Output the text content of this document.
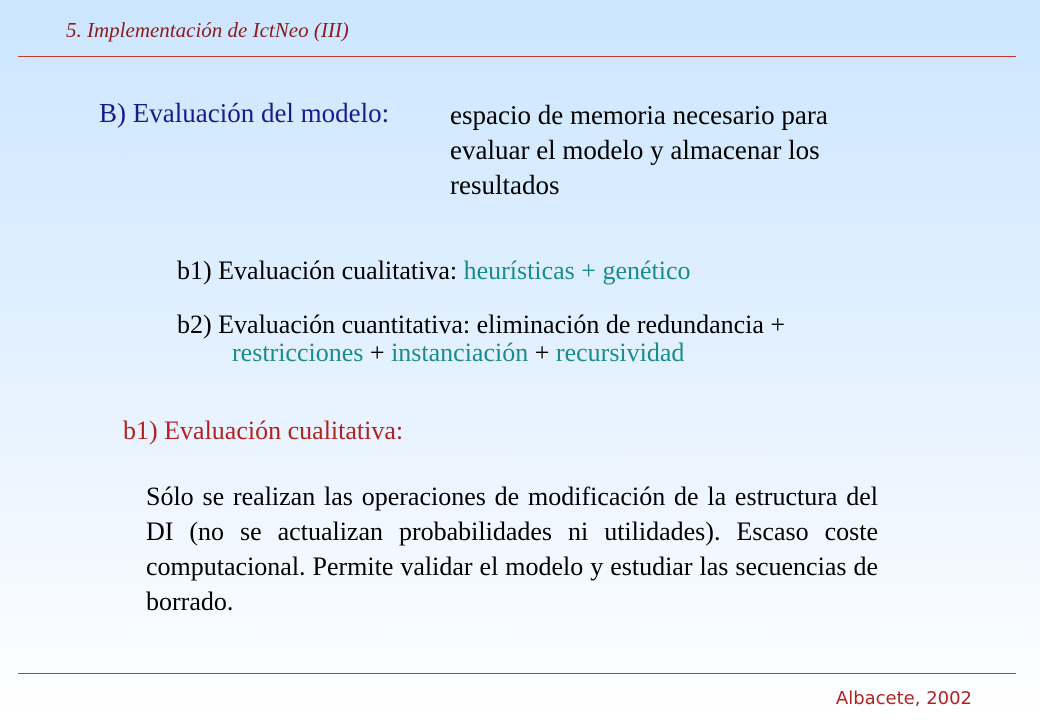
5. Implementación de IctNeo (III)
B) Evaluación del modelo: espacio de memoria necesario para
evaluar el modelo y almacenar los
resultados
b1) Evaluación cualitativa: heurísticas + genético
b2) Evaluación cuantitativa: eliminación de redundancia +
restricciones + instanciación + recursividad
b1) Evaluación cualitativa:

Sólo se realizan las operaciones de modificación de la estructura del DI (no se actualizan probabilidades ni utilidades). Escaso coste computacional. Permite validar el modelo y estudiar las secuencias de borrado.

Albacete, 2002
